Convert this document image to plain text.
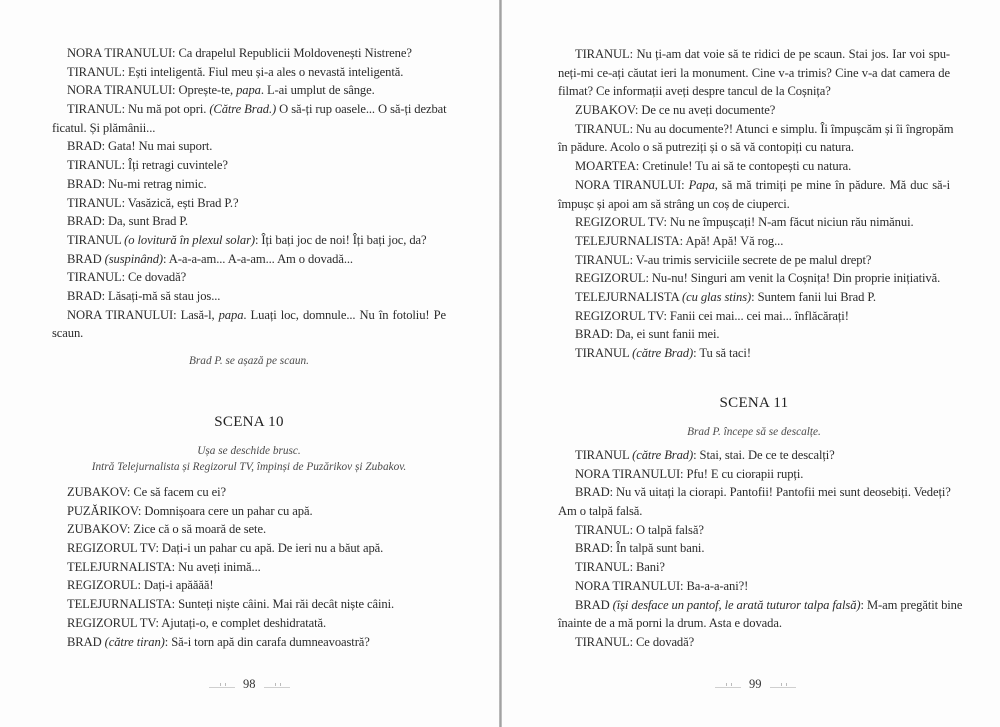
NORA TIRANULUI: Ca drapelul Republicii Moldovenești Nistrene?
TIRANUL: Ești inteligentă. Fiul meu și-a ales o nevastă inteligentă.
NORA TIRANULUI: Oprește-te, papa. L-ai umplut de sânge.
TIRANUL: Nu mă pot opri. (Către Brad.) O să-ți rup oasele... O să-ți dezbat
ficatul. Și plămânii...
BRAD: Gata! Nu mai suport.
TIRANUL: Îți retragi cuvintele?
BRAD: Nu-mi retrag nimic.
TIRANUL: Vasăzică, ești Brad P.?
BRAD: Da, sunt Brad P.
TIRANUL (o lovitură în plexul solar): Îți bați joc de noi! Îți bați joc, da?
BRAD (suspinând): A-a-a-am... A-a-am... Am o dovadă...
TIRANUL: Ce dovadă?
BRAD: Lăsați-mă să stau jos...
NORA TIRANULUI: Lasă-l, papa. Luați loc, domnule... Nu în fotoliu! Pe
scaun.
Brad P. se așază pe scaun.
SCENA 10
Ușa se deschide brusc.
Intră Telejurnalista și Regizorul TV, împinși de Puzărikov și Zubakov.
ZUBAKOV: Ce să facem cu ei?
PUZĂRIKOV: Domnișoara cere un pahar cu apă.
ZUBAKOV: Zice că o să moară de sete.
REGIZORUL TV: Dați-i un pahar cu apă. De ieri nu a băut apă.
TELEJURNALISTA: Nu aveți inimă...
REGIZORUL: Dați-i apăăăă!
TELEJURNALISTA: Sunteți niște câini. Mai răi decât niște câini.
REGIZORUL TV: Ajutați-o, e complet deshidratată.
BRAD (către tiran): Să-i torn apă din carafa dumneavoastră?
98
TIRANUL: Nu ți-am dat voie să te ridici de pe scaun. Stai jos. Iar voi spu-
neți-mi ce-ați căutat ieri la monument. Cine v-a trimis? Cine v-a dat camera de
filmat? Ce informații aveți despre tancul de la Coșnița?
ZUBAKOV: De ce nu aveți documente?
TIRANUL: Nu au documente?! Atunci e simplu. Îi împușcăm și îi îngropăm
în pădure. Acolo o să putreziți și o să vă contopiți cu natura.
MOARTEA: Cretinule! Tu ai să te contopești cu natura.
NORA TIRANULUI: Papa, să mă trimiți pe mine în pădure. Mă duc să-i
împușc și apoi am să strâng un coș de ciuperci.
REGIZORUL TV: Nu ne împușcați! N-am făcut niciun rău nimănui.
TELEJURNALISTA: Apă! Apă! Vă rog...
TIRANUL: V-au trimis serviciile secrete de pe malul drept?
REGIZORUL: Nu-nu! Singuri am venit la Coșnița! Din proprie inițiativă.
TELEJURNALISTA (cu glas stins): Suntem fanii lui Brad P.
REGIZORUL TV: Fanii cei mai... cei mai... înflăcărați!
BRAD: Da, ei sunt fanii mei.
TIRANUL (către Brad): Tu să taci!
SCENA 11
Brad P. începe să se descalțe.
TIRANUL (către Brad): Stai, stai. De ce te descalți?
NORA TIRANULUI: Pfu! E cu ciorapii rupți.
BRAD: Nu vă uitați la ciorapi. Pantofii! Pantofii mei sunt deosebiți. Vedeți?
Am o talpă falsă.
TIRANUL: O talpă falsă?
BRAD: În talpă sunt bani.
TIRANUL: Bani?
NORA TIRANULUI: Ba-a-a-ani?!
BRAD (își desface un pantof, le arată tuturor talpa falsă): M-am pregătit bine
înainte de a mă porni la drum. Asta e dovada.
TIRANUL: Ce dovadă?
99
